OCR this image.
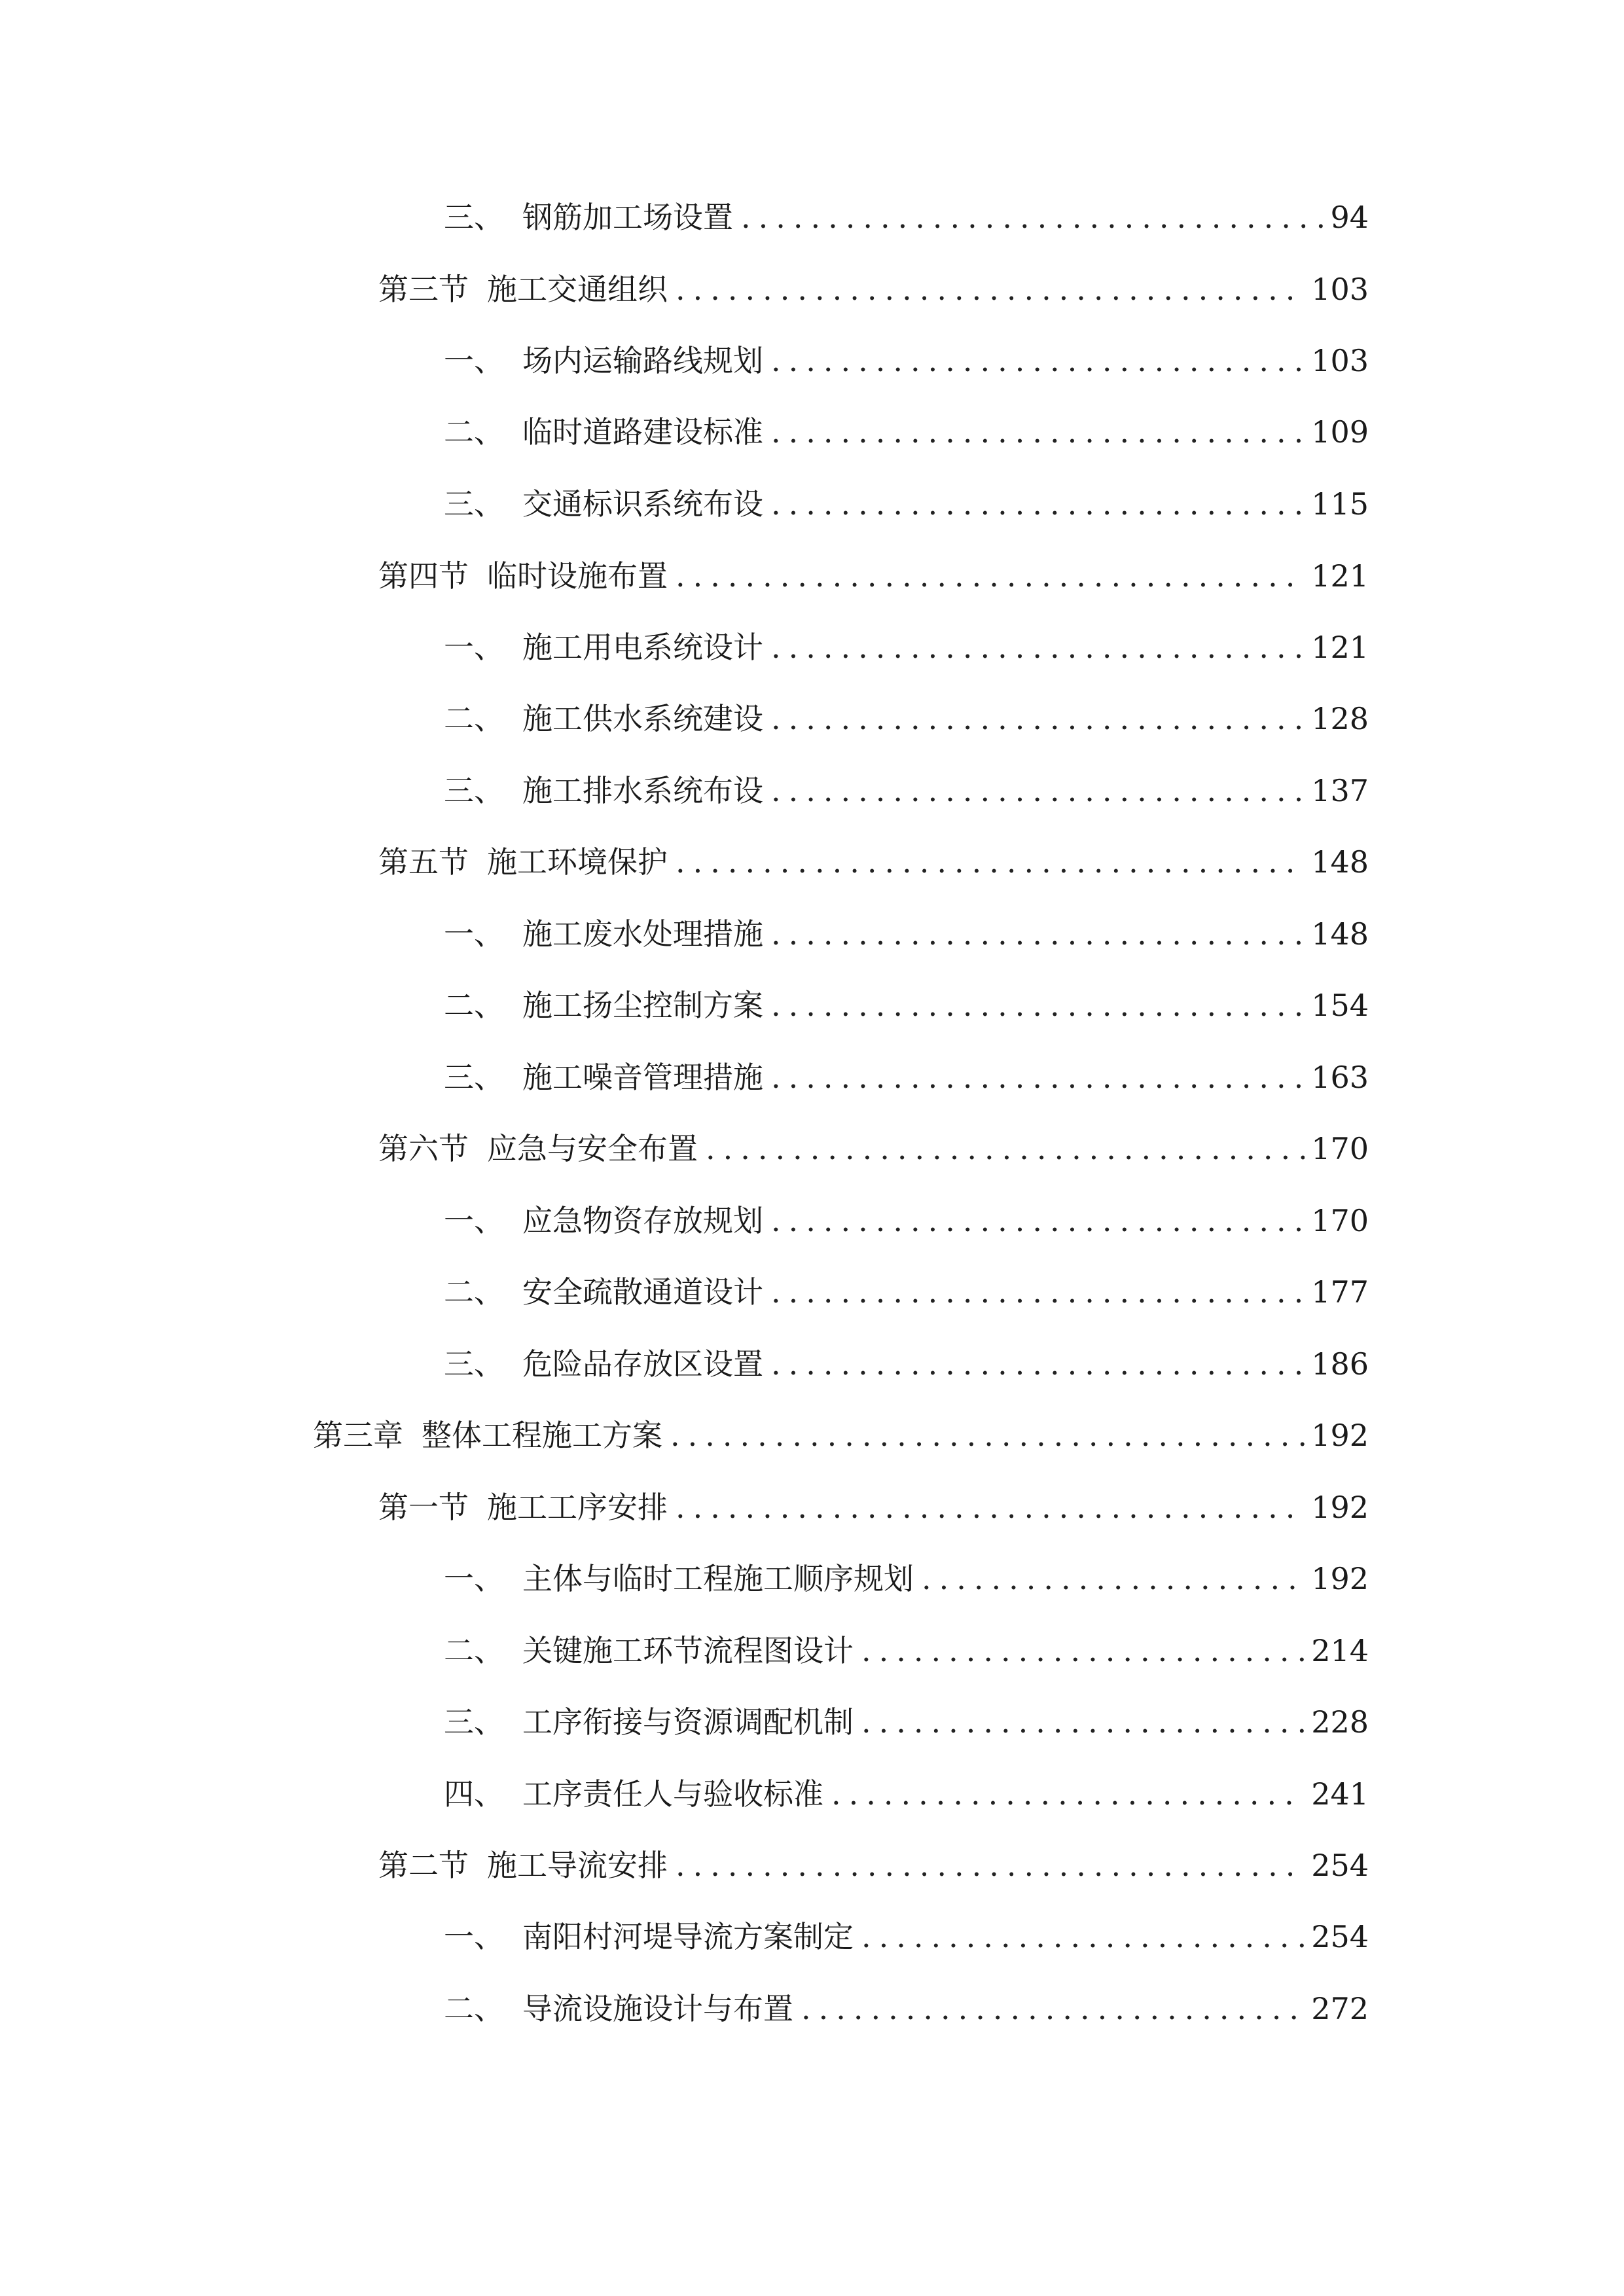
三、 钢筋加工场设置 .....	94
第三节 施工交通组织 .....	103
一、 场内运输路线规划 .....	103
二、 临时道路建设标准 .....	109
三、 交通标识系统布设 .....	115
第四节 临时设施布置 .....	121
一、 施工用电系统设计 .....	121
二、 施工供水系统建设 .....	128
三、 施工排水系统布设 .....	137
第五节 施工环境保护 .....	148
一、 施工废水处理措施 .....	148
二、 施工扬尘控制方案 .....	154
三、 施工噪音管理措施 .....	163
第六节 应急与安全布置 .....	170
一、 应急物资存放规划 .....	170
二、 安全疏散通道设计 .....	177
三、 危险品存放区设置 .....	186
第三章 整体工程施工方案 .....	192
第一节 施工工序安排 .....	192
一、 主体与临时工程施工顺序规划 .....	192
二、 关键施工环节流程图设计 .....	214
三、 工序衔接与资源调配机制 .....	228
四、 工序责任人与验收标准 .....	241
第二节 施工导流安排 .....	254
一、 南阳村河堤导流方案制定 .....	254
二、 导流设施设计与布置 .....	272
